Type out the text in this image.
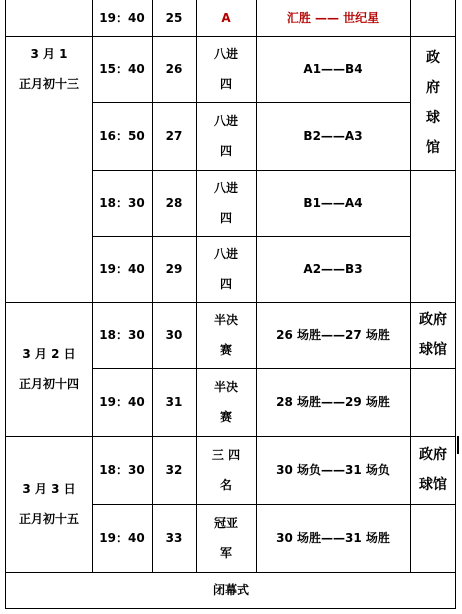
19：40 25	A	汇胜 —— 世纪星
3 月 1
正月初十三
政
府
球
馆
15：40 26
八进
四
A1——B4
16：50 27
八进
四
B2——A3
18：30 28
八进
四
B1——A4
19：40 29
八进
四
A2——B3
3 月 2 日
正月初十四
政府
球馆
18：30 30
半决
赛
26 场胜——27 场胜
19：40 31
半决
赛
28 场胜——29 场胜
3 月 3 日
正月初十五
政府
球馆
18：30 32
三 四
名
30 场负——31 场负
19：40 33
冠亚
军
30 场胜——31 场胜
闭幕式
